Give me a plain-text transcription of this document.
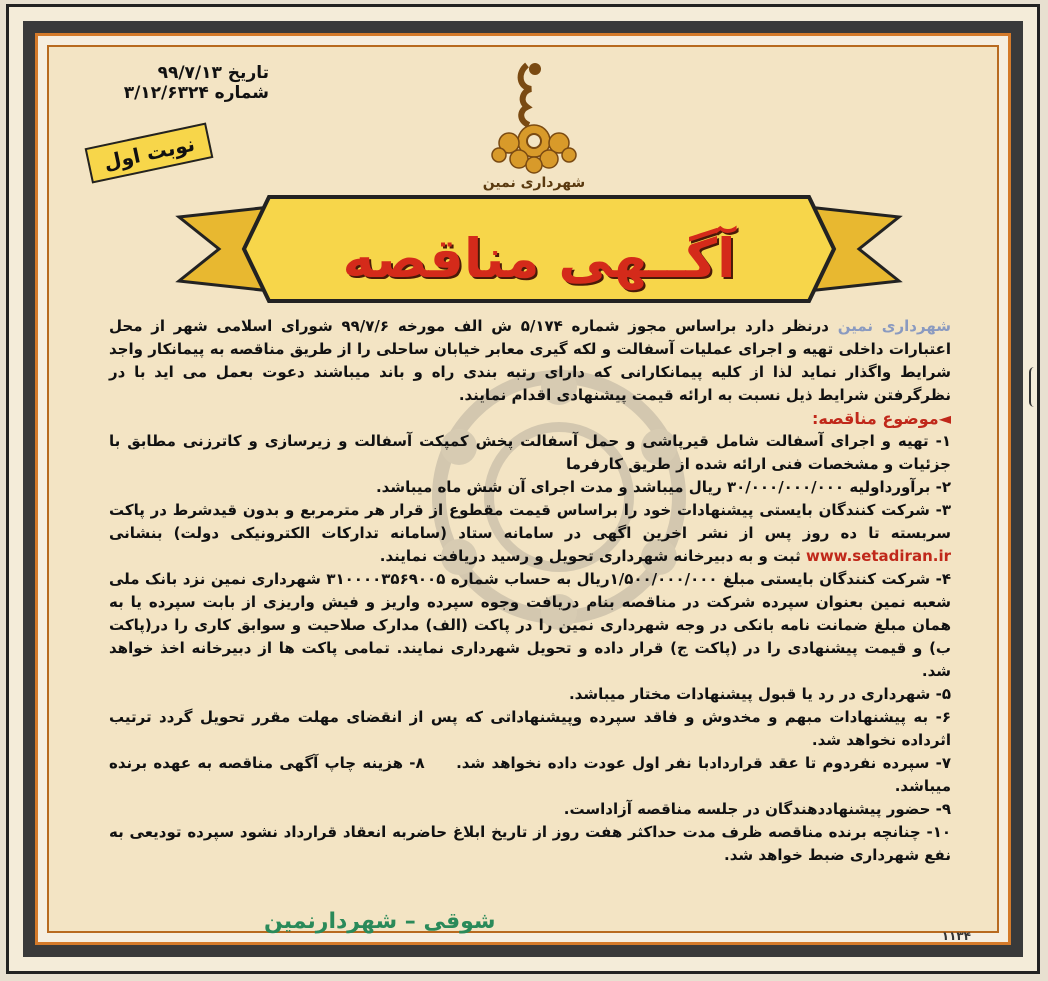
تاریخ ۹۹/۷/۱۳
شماره ۳/۱۲/۶۳۲۴
نوبت اول
شهرداری نمین
آگــهی مناقصه

شهرداری نمین درنظر دارد براساس مجوز شماره ۵/۱۷۴ ش الف مورخه ۹۹/۷/۶ شورای اسلامی شهر از محل اعتبارات داخلی تهیه و اجرای عملیات آسفالت و لکه گیری معابر خیابان ساحلی را از طریق مناقصه به پیمانکار واجد شرایط واگذار نماید لذا از کلیه پیمانکارانی که دارای رتبه بندی راه و باند میباشند دعوت بعمل می اید با در نظرگرفتن شرایط ذیل نسبت به ارائه قیمت پیشنهادی اقدام نمایند.

◄موضوع مناقصه:

۱- تهیه و اجرای آسفالت شامل قیرپاشی و حمل آسفالت پخش کمپکت آسفالت و زیرسازی و کاترزنی مطابق با جزئیات و مشخصات فنی ارائه شده از طریق کارفرما

۲- برآورداولیه ۳۰/۰۰۰/۰۰۰/۰۰۰ ریال میباشد و مدت اجرای آن شش ماه میباشد.

۳- شرکت کنندگان بایستی پیشنهادات خود را براساس قیمت مقطوع از قرار هر مترمربع و بدون قیدشرط در پاکت سربسته تا ده روز پس از نشر اخرین اگهی در سامانه ستاد (سامانه تدارکات الکترونیکی دولت) بنشانی www.setadiran.ir ثبت و به دبیرخانه شهرداری تحویل و رسید دریافت نمایند.

۴- شرکت کنندگان بایستی مبلغ ۱/۵۰۰/۰۰۰/۰۰۰ریال به حساب شماره ۳۱۰۰۰۰۳۵۶۹۰۰۵ شهرداری نمین نزد بانک ملی شعبه نمین بعنوان سپرده شرکت در مناقصه بنام دریافت وجوه سپرده واریز و فیش واریزی از بابت سپرده یا به همان مبلغ ضمانت نامه بانکی در وجه شهرداری نمین را در پاکت (الف) مدارک صلاحیت و سوابق کاری را در(پاکت ب) و قیمت پیشنهادی را در (پاکت ج) قرار داده و تحویل شهرداری نمایند. تمامی پاکت ها از دبیرخانه اخذ خواهد شد.

۵- شهرداری در رد یا قبول پیشنهادات مختار میباشد.

۶- به پیشنهادات مبهم و مخدوش و فاقد سپرده وپیشنهاداتی که پس از انقضای مهلت مقرر تحویل گردد ترتیب اثرداده نخواهد شد.

۷- سپرده نفردوم تا عقد قراردادبا نفر اول عودت داده نخواهد شد.     ۸- هزینه چاپ آگهی مناقصه به عهده برنده میباشد.

۹- حضور پیشنهاددهندگان در جلسه مناقصه آزاداست.

۱۰- چنانچه برنده مناقصه ظرف مدت حداکثر هفت روز از تاریخ ابلاغ حاضربه انعقاد قرارداد نشود سپرده تودیعی به نفع شهرداری ضبط خواهد شد.

شوقی – شهردارنمین
۱۱۳۴
